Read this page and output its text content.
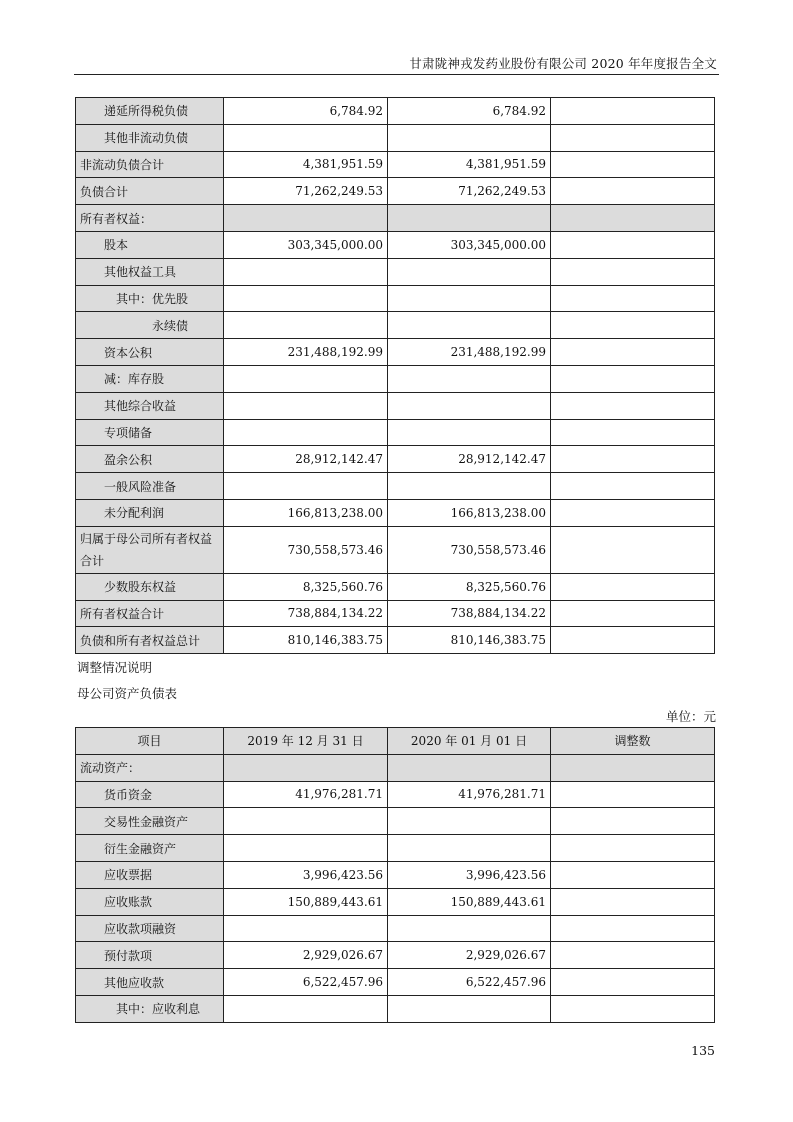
甘肃陇神戎发药业股份有限公司 2020 年年度报告全文
递延所得税负债	6,784.92	6,784.92	
其他非流动负债			
非流动负债合计	4,381,951.59	4,381,951.59	
负债合计	71,262,249.53	71,262,249.53	
所有者权益：			
股本	303,345,000.00	303,345,000.00	
其他权益工具			
其中：优先股			
永续债			
资本公积	231,488,192.99	231,488,192.99	
减：库存股			
其他综合收益			
专项储备			
盈余公积	28,912,142.47	28,912,142.47	
一般风险准备			
未分配利润	166,813,238.00	166,813,238.00	
归属于母公司所有者权益合计	730,558,573.46	730,558,573.46	
少数股东权益	8,325,560.76	8,325,560.76	
所有者权益合计	738,884,134.22	738,884,134.22	
负债和所有者权益总计	810,146,383.75	810,146,383.75	
调整情况说明
母公司资产负债表
单位：元
项目	2019 年 12 月 31 日	2020 年 01 月 01 日	调整数
流动资产：			
货币资金	41,976,281.71	41,976,281.71	
交易性金融资产			
衍生金融资产			
应收票据	3,996,423.56	3,996,423.56	
应收账款	150,889,443.61	150,889,443.61	
应收款项融资			
预付款项	2,929,026.67	2,929,026.67	
其他应收款	6,522,457.96	6,522,457.96	
其中：应收利息			
135
